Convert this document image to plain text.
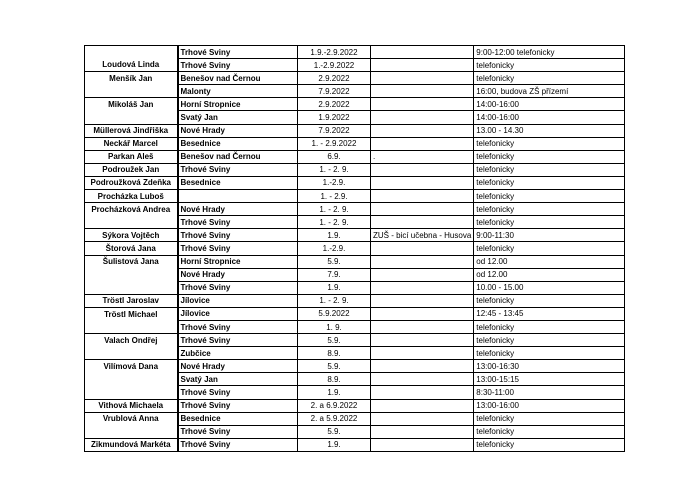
	Trhové Sviny	1.9.-2.9.2022		9:00-12:00 telefonicky
Loudová Linda	Trhové Sviny	1.-2.9.2022		telefonicky
Menšík Jan	Benešov nad Černou	2.9.2022		telefonicky
	Malonty	7.9.2022		16:00, budova ZŠ přízemí
Mikoláš Jan	Horní Stropnice	2.9.2022		14:00-16:00
	Svatý Jan	1.9.2022		14:00-16:00
Müllerová Jindřiška	Nové Hrady	7.9.2022		13.00 - 14.30
Neckář Marcel	Besednice	1. - 2.9.2022		telefonicky
Parkan Aleš	Benešov nad Černou	6.9.	.	telefonicky
Podroužek Jan	Trhové Sviny	1. - 2. 9.		telefonicky
Podroužková Zdeňka	Besednice	1.-2.9.		telefonicky
Procházka Luboš		1. - 2.9.		telefonicky
Procházková Andrea	Nové Hrady	1. - 2. 9.		telefonicky
	Trhové Sviny	1. - 2. 9.		telefonicky
Sýkora Vojtěch	Trhové Sviny	1.9.	ZUŠ - bicí učebna - Husova	9:00-11:30
Štorová Jana	Trhové Sviny	1.-2.9.		telefonicky
Šulistová Jana	Horní Stropnice	5.9.		od 12.00
	Nové Hrady	7.9.		od 12.00
	Trhové Sviny	1.9.		10.00 - 15.00
Tröstl Jaroslav	Jílovice	1. - 2. 9.		telefonicky
Tröstl Michael	Jílovice	5.9.2022		12:45 - 13:45
	Trhové Sviny	1. 9.		telefonicky
Valach Ondřej	Trhové Sviny	5.9.		telefonicky
	Zubčice	8.9.		telefonicky
Vilímová Dana	Nové Hrady	5.9.		13:00-16:30
	Svatý Jan	8.9.		13:00-15:15
	Trhové Sviny	1.9.		8:30-11:00
Vithová Michaela	Trhové Sviny	2. a 6.9.2022		13:00-16:00
Vrublová Anna	Besednice	2. a 5.9.2022		telefonicky
	Trhové Sviny	5.9.		telefonicky
Zikmundová Markéta	Trhové Sviny	1.9.		telefonicky
